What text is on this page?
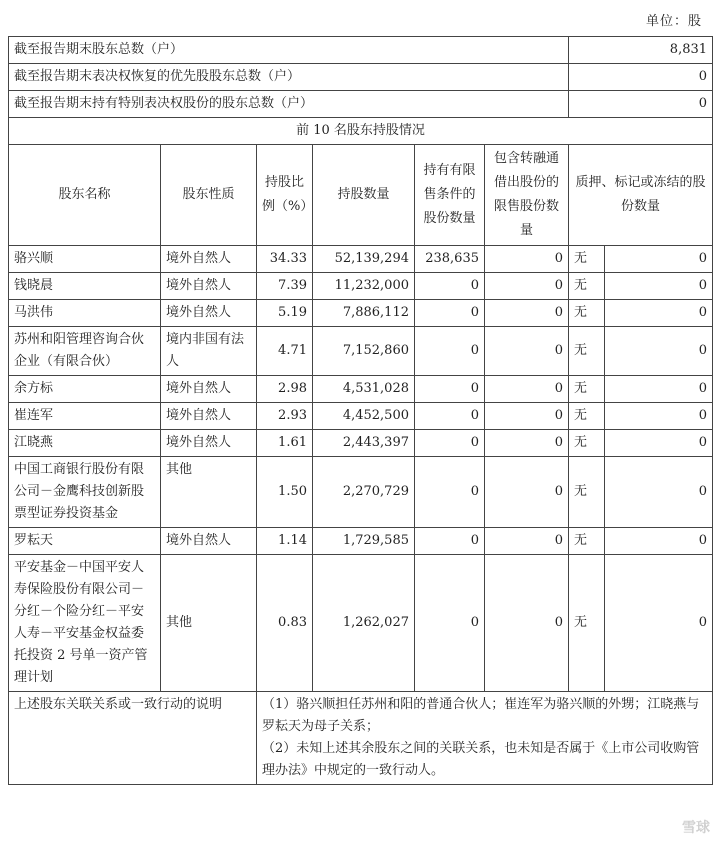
单位：股
截至报告期末股东总数（户）						8,831	
截至报告期末表决权恢复的优先股股东总数（户）						0	
截至报告期末持有特别表决权股份的股东总数（户）						0	
前 10 名股东持股情况							
股东名称	股东性质	持股比例（%）	持股数量	持有有限售条件的股份数量	包含转融通借出股份的限售股份数量	质押、标记或冻结的股份数量	
骆兴顺	境外自然人	34.33	52,139,294	238,635	0	无	0
钱晓晨	境外自然人	7.39	11,232,000	0	0	无	0
马洪伟	境外自然人	5.19	7,886,112	0	0	无	0
苏州和阳管理咨询合伙企业（有限合伙）	境内非国有法人	4.71	7,152,860	0	0	无	0
余方标	境外自然人	2.98	4,531,028	0	0	无	0
崔连军	境外自然人	2.93	4,452,500	0	0	无	0
江晓燕	境外自然人	1.61	2,443,397	0	0	无	0
中国工商银行股份有限公司－金鹰科技创新股票型证券投资基金	其他	1.50	2,270,729	0	0	无	0
罗耘天	境外自然人	1.14	1,729,585	0	0	无	0
平安基金－中国平安人寿保险股份有限公司－分红－个险分红－平安人寿－平安基金权益委托投资 2 号单一资产管理计划	其他	0.83	1,262,027	0	0	无	0
上述股东关联关系或一致行动的说明		（1）骆兴顺担任苏州和阳的普通合伙人；崔连军为骆兴顺的外甥；江晓燕与罗耘天为母子关系；
（2）未知上述其余股东之间的关联关系，也未知是否属于《上市公司收购管理办法》中规定的一致行动人。					
雪球
